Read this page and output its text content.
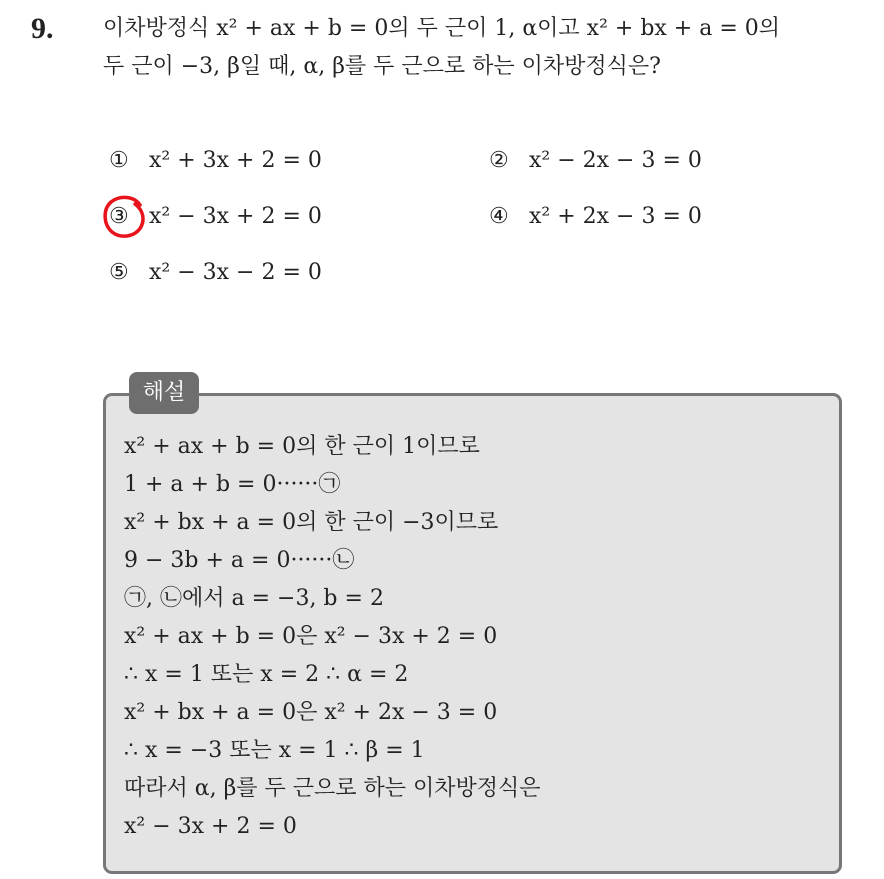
9. 이차방정식 x² + ax + b = 0의 두 근이 1, α이고 x² + bx + a = 0의
두 근이 −3, β일 때, α, β를 두 근으로 하는 이차방정식은?
① x² + 3x + 2 = 0	② x² − 2x − 3 = 0
③ x² − 3x + 2 = 0	④ x² + 2x − 3 = 0
⑤ x² − 3x − 2 = 0
해설
x² + ax + b = 0의 한 근이 1이므로
1 + a + b = 0······㉠
x² + bx + a = 0의 한 근이 −3이므로
9 − 3b + a = 0······㉡
㉠, ㉡에서 a = −3, b = 2
x² + ax + b = 0은 x² − 3x + 2 = 0
∴ x = 1 또는 x = 2 ∴ α = 2
x² + bx + a = 0은 x² + 2x − 3 = 0
∴ x = −3 또는 x = 1 ∴ β = 1
따라서 α, β를 두 근으로 하는 이차방정식은
x² − 3x + 2 = 0
